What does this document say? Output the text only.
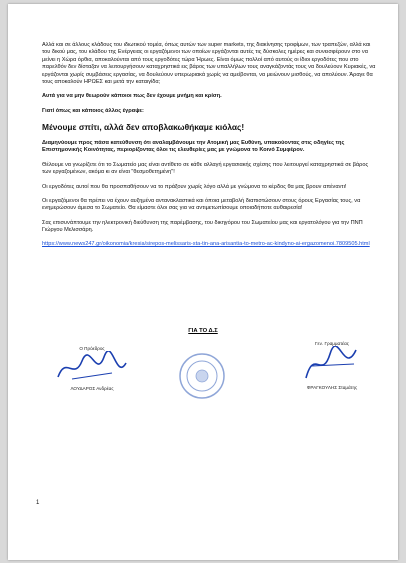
Αλλά και σε άλλους κλάδους του ιδιωτικού τομέα, όπως αυτών των super markets, της διακίνησης τροφίμων, των τραπεζών, αλλά και του δικού μας, του κλάδου της Ενέργειας οι εργαζόμενοι των οποίων εργάζονται αυτές τις δύσκολες ημέρες και συνεισφέρουν στο να μείνει η Χώρα όρθια, αποκαλούνται από τους εργοδότες τώρα Ήρωες. Είναι όμως πολλοί από αυτούς οι ίδιοι εργοδότες που στο παρελθόν δεν δίσταζαν να λειτουργήσουν καταχρηστικά εις βάρος των υπαλλήλων τους αναγκάζοντάς τους να δουλεύουν Κυριακές, να εργάζονται χωρίς συμβάσεις εργασίας, να δουλεύουν υπερωριακά χωρίς να αμείβονται, να μειώνουν μισθούς, να απολύουν. Άραγε θα τους αποκαλούν ΗΡΩΕΣ και μετά την καταιγίδα;

Αυτά για να μην θεωρούν κάποιοι πως δεν έχουμε μνήμη και κρίση.

Γιατί όπως και κάποιος άλλος έγραψε:

Μένουμε σπίτι, αλλά δεν αποβλακωθήκαμε κιόλας!

Διαμηνύουμε προς πάσα κατεύθυνση ότι αναλαμβάνουμε την Ατομική μας Ευθύνη, υπακούοντας στις οδηγίες της Επιστημονικής Κοινότητας, περιορίζοντας όλοι τις ελευθερίες μας με γνώμονα το Κοινό Συμφέρον.

Θέλουμε να γνωρίζετε ότι το Σωματείο μας είναι αντίθετο σε κάθε αλλαγή εργασιακής σχέσης που λειτουργεί καταχρηστικά σε βάρος των εργαζομένων, ακόμα κι αν είναι "θεσμοθετημένη"!

Οι εργοδότες αυτοί που θα προσπαθήσουν να το πράξουν χωρίς λόγο αλλά με γνώμονα το κέρδος θα μας βρουν απέναντι!

Οι εργαζόμενοι θα πρέπει να έχουν αυξημένα αντανακλαστικά και όποια μεταβολή διαπιστώσουν στους όρους Εργασίας τους, να ενημερώσουν άμεσα το Σωματείο. Θα είμαστε όλοι σας για να αντιμετωπίσουμε οποιαδήποτε αυθαιρεσία!

Σας επισυνάπτουμε την ηλεκτρονική διεύθυνση της παρέμβασης, του δικηγόρου του Σωματείου μας και εργατολόγου για την ΠΝΠ Γιώργου Μελισσάρη.

https://www.news247.gr/oikonomia/kresia/sirepos-melissaris-sta-tin-ana-arisantia-to-metro-ac-kindyno-ai-ergazomenoi.7809505.html

ΓΙΑ ΤΟ Δ.Σ
Ο Πρόεδρος
ΛΟΥΔΑΡΟΣ Ανδρέας
Γεν. Γραμματέας
ΦΡΑΓΚΟΥΛΗΣ Σταμάτης
1
